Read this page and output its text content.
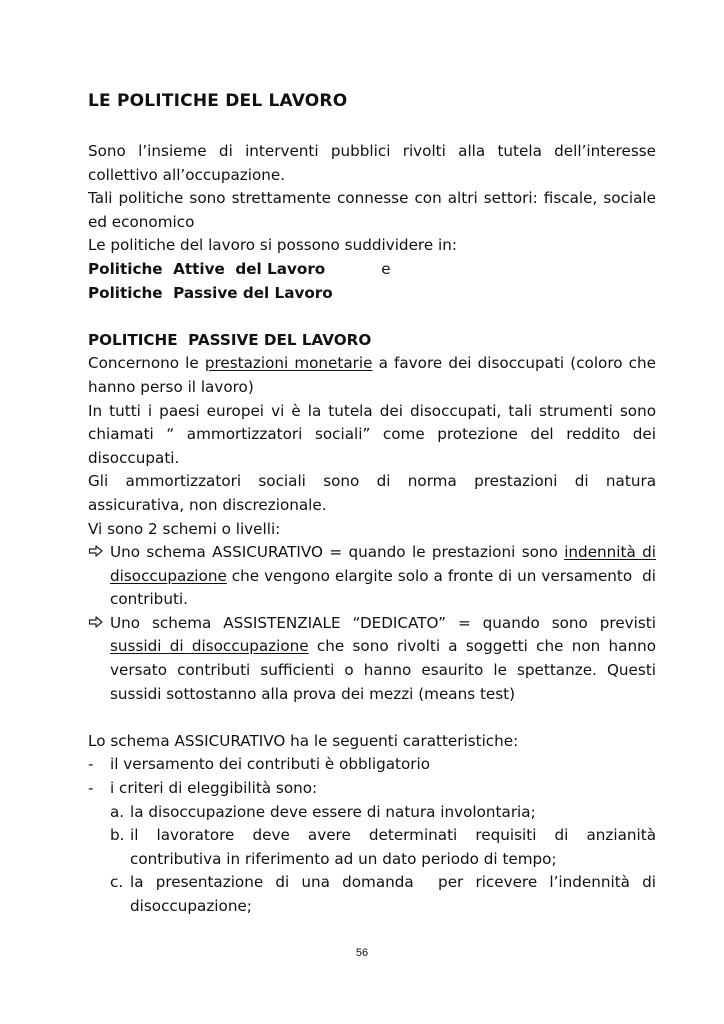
LE POLITICHE DEL LAVORO

Sono l’insieme di interventi pubblici rivolti alla tutela dell’interesse collettivo all’occupazione.

Tali politiche sono strettamente connesse con altri settori: fiscale, sociale ed economico

Le politiche del lavoro si possono suddividere in:

Politiche  Attive  del Lavoro	e

Politiche  Passive del Lavoro

POLITICHE  PASSIVE DEL LAVORO

Concernono le prestazioni monetarie a favore dei disoccupati (coloro che hanno perso il lavoro)

In tutti i paesi europei vi è la tutela dei disoccupati, tali strumenti sono chiamati “ ammortizzatori sociali” come protezione del reddito dei disoccupati.

Gli ammortizzatori sociali sono di norma prestazioni di natura assicurativa, non discrezionale.

Vi sono 2 schemi o livelli:

Uno schema ASSICURATIVO = quando le prestazioni sono indennità di disoccupazione che vengono elargite solo a fronte di un versamento  di contributi.
Uno schema ASSISTENZIALE “DEDICATO” = quando sono previsti sussidi di disoccupazione che sono rivolti a soggetti che non hanno versato contributi sufficienti o hanno esaurito le spettanze. Questi sussidi sottostanno alla prova dei mezzi (means test)

Lo schema ASSICURATIVO ha le seguenti caratteristiche:

- il versamento dei contributi è obbligatorio
- i criteri di eleggibilità sono:
a. la disoccupazione deve essere di natura involontaria;
b. il lavoratore deve avere determinati requisiti di anzianità contributiva in riferimento ad un dato periodo di tempo;
c. la presentazione di una domanda  per ricevere l’indennità di disoccupazione;
56
